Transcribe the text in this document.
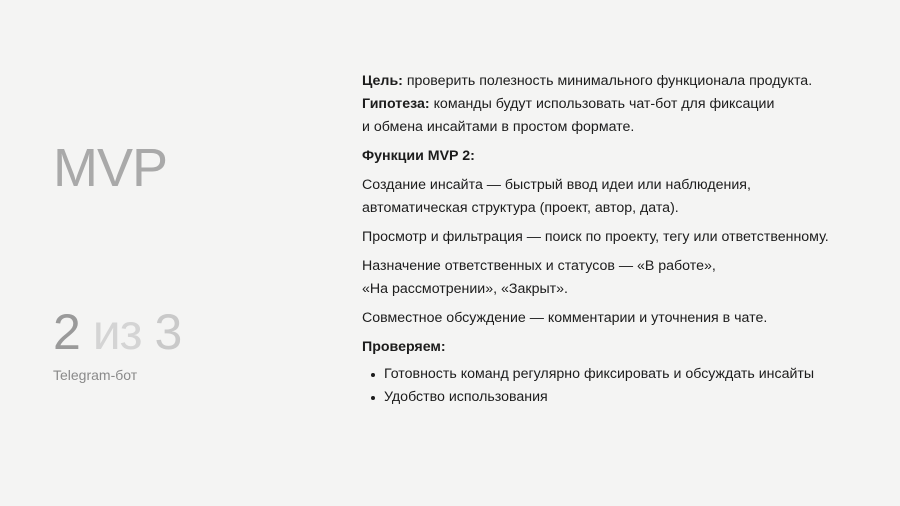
MVP
2 из 3
Telegram-бот

Цель: проверить полезность минимального функционала продукта.

Гипотеза: команды будут использовать чат-бот для фиксации
и обмена инсайтами в простом формате.

Функции MVP 2:

Создание инсайта — быстрый ввод идеи или наблюдения,
автоматическая структура (проект, автор, дата).

Просмотр и фильтрация — поиск по проекту, тегу или ответственному.

Назначение ответственных и статусов — «В работе»,
«На рассмотрении», «Закрыт».

Совместное обсуждение — комментарии и уточнения в чате.

Проверяем:

Готовность команд регулярно фиксировать и обсуждать инсайты
Удобство использования
